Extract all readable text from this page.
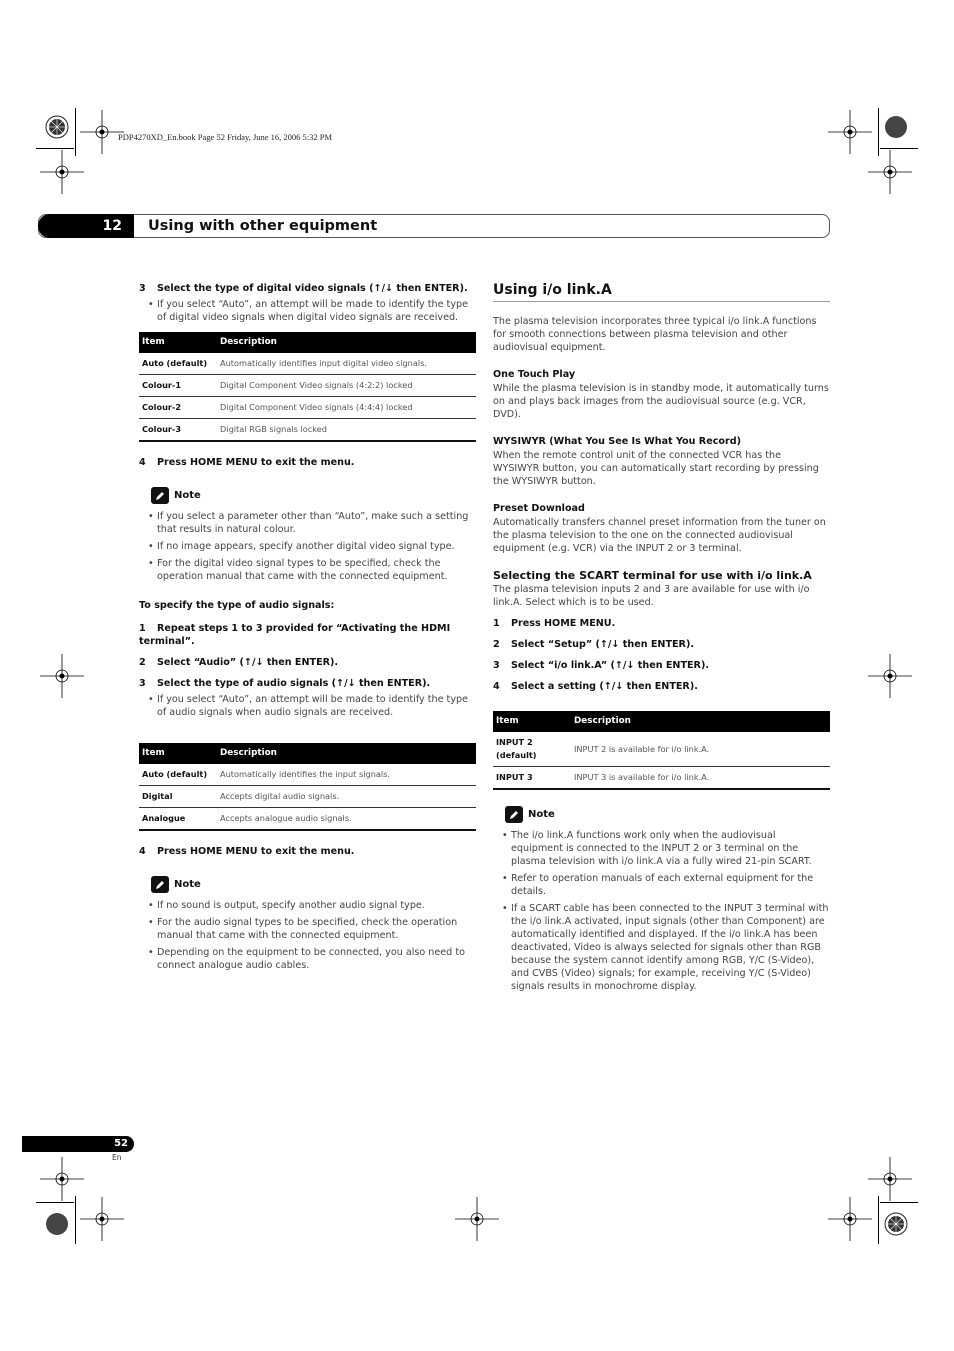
PDP4270XD_En.book Page 52 Friday, June 16, 2006 5:32 PM
12	Using with other equipment
3 Select the type of digital video signals (↑/↓ then ENTER).
• If you select “Auto”, an attempt will be made to identify the type of digital video signals when digital video signals are received.
Item	Description
Auto (default)	Automatically identifies input digital video signals.
Colour-1	Digital Component Video signals (4:2:2) locked
Colour-2	Digital Component Video signals (4:4:4) locked
Colour-3	Digital RGB signals locked
4 Press HOME MENU to exit the menu.
Note
• If you select a parameter other than “Auto”, make such a setting that results in natural colour.
• If no image appears, specify another digital video signal type.
• For the digital video signal types to be specified, check the operation manual that came with the connected equipment.
To specify the type of audio signals:
1 Repeat steps 1 to 3 provided for “Activating the HDMI terminal”.
2 Select “Audio” (↑/↓ then ENTER).
3 Select the type of audio signals (↑/↓ then ENTER).
• If you select “Auto”, an attempt will be made to identify the type of audio signals when audio signals are received.
Item	Description
Auto (default)	Automatically identifies the input signals.
Digital	Accepts digital audio signals.
Analogue	Accepts analogue audio signals.
4 Press HOME MENU to exit the menu.
Note
• If no sound is output, specify another audio signal type.
• For the audio signal types to be specified, check the operation manual that came with the connected equipment.
• Depending on the equipment to be connected, you also need to connect analogue audio cables.
Using i/o link.A
The plasma television incorporates three typical i/o link.A functions for smooth connections between plasma television and other audiovisual equipment.
One Touch Play
While the plasma television is in standby mode, it automatically turns on and plays back images from the audiovisual source (e.g. VCR, DVD).
WYSIWYR (What You See Is What You Record)
When the remote control unit of the connected VCR has the WYSIWYR button, you can automatically start recording by pressing the WYSIWYR button.
Preset Download
Automatically transfers channel preset information from the tuner on the plasma television to the one on the connected audiovisual equipment (e.g. VCR) via the INPUT 2 or 3 terminal.
Selecting the SCART terminal for use with i/o link.A
The plasma television inputs 2 and 3 are available for use with i/o link.A. Select which is to be used.
1 Press HOME MENU.
2 Select “Setup” (↑/↓ then ENTER).
3 Select “i/o link.A” (↑/↓ then ENTER).
4 Select a setting (↑/↓ then ENTER).
Item	Description
INPUT 2 (default)	INPUT 2 is available for i/o link.A.
INPUT 3	INPUT 3 is available for i/o link.A.
Note
• The i/o link.A functions work only when the audiovisual equipment is connected to the INPUT 2 or 3 terminal on the plasma television with i/o link.A via a fully wired 21-pin SCART.
• Refer to operation manuals of each external equipment for the details.
• If a SCART cable has been connected to the INPUT 3 terminal with the i/o link.A activated, input signals (other than Component) are automatically identified and displayed. If the i/o link.A has been deactivated, Video is always selected for signals other than RGB because the system cannot identify among RGB, Y/C (S-Video), and CVBS (Video) signals; for example, receiving Y/C (S-Video) signals results in monochrome display.
52
En
